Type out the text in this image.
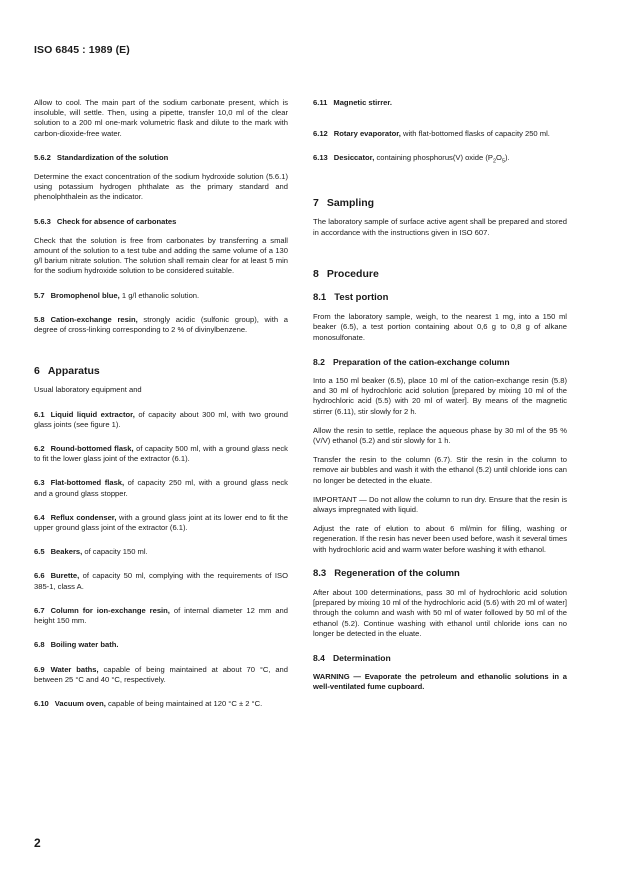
ISO 6845 : 1989 (E)

Allow to cool. The main part of the sodium carbonate present, which is insoluble, will settle. Then, using a pipette, transfer 10,0 ml of the clear solution to a 200 ml one-mark volumetric flask and dilute to the mark with carbon-dioxide-free water.

5.6.2 Standardization of the solution

Determine the exact concentration of the sodium hydroxide solution (5.6.1) using potassium hydrogen phthalate as the primary standard and phenolphthalein as the indicator.

5.6.3 Check for absence of carbonates

Check that the solution is free from carbonates by transferring a small amount of the solution to a test tube and adding the same volume of a 130 g/l barium nitrate solution. The solution shall remain clear for at least 5 min for the sodium hydroxide solution to be considered suitable.

5.7 Bromophenol blue, 1 g/l ethanolic solution.

5.8 Cation-exchange resin, strongly acidic (sulfonic group), with a degree of cross-linking corresponding to 2 % of divinylbenzene.

6 Apparatus

Usual laboratory equipment and

6.1 Liquid liquid extractor, of capacity about 300 ml, with two ground glass joints (see figure 1).

6.2 Round-bottomed flask, of capacity 500 ml, with a ground glass neck to fit the lower glass joint of the extractor (6.1).

6.3 Flat-bottomed flask, of capacity 250 ml, with a ground glass neck and a ground glass stopper.

6.4 Reflux condenser, with a ground glass joint at its lower end to fit the upper ground glass joint of the extractor (6.1).

6.5 Beakers, of capacity 150 ml.

6.6 Burette, of capacity 50 ml, complying with the requirements of ISO 385-1, class A.

6.7 Column for ion-exchange resin, of internal diameter 12 mm and height 150 mm.

6.8 Boiling water bath.

6.9 Water baths, capable of being maintained at about 70 °C, and between 25 °C and 40 °C, respectively.

6.10 Vacuum oven, capable of being maintained at 120 °C ± 2 °C.

6.11 Magnetic stirrer.

6.12 Rotary evaporator, with flat-bottomed flasks of capacity 250 ml.

6.13 Desiccator, containing phosphorus(V) oxide $(P_2O_5)$.

7 Sampling

The laboratory sample of surface active agent shall be prepared and stored in accordance with the instructions given in ISO 607.

8 Procedure
8.1 Test portion

From the laboratory sample, weigh, to the nearest 1 mg, into a 150 ml beaker (6.5), a test portion containing about 0,6 g to 0,8 g of alkane monosulfonate.

8.2 Preparation of the cation-exchange column

Into a 150 ml beaker (6.5), place 10 ml of the cation-exchange resin (5.8) and 30 ml of hydrochloric acid solution [prepared by mixing 10 ml of the hydrochloric acid (5.5) with 20 ml of water]. By means of the magnetic stirrer (6.11), stir slowly for 2 h.

Allow the resin to settle, replace the aqueous phase by 30 ml of the 95 % (V/V) ethanol (5.2) and stir slowly for 1 h.

Transfer the resin to the column (6.7). Stir the resin in the column to remove air bubbles and wash it with the ethanol (5.2) until chloride ions can no longer be detected in the eluate.

IMPORTANT — Do not allow the column to run dry. Ensure that the resin is always impregnated with liquid.

Adjust the rate of elution to about 6 ml/min for filling, washing or regeneration. If the resin has never been used before, wash it several times with hydrochloric acid and warm water before washing it with ethanol.

8.3 Regeneration of the column

After about 100 determinations, pass 30 ml of hydrochloric acid solution [prepared by mixing 10 ml of the hydrochloric acid (5.6) with 20 ml of water] through the column and wash with 50 ml of water followed by 50 ml of the ethanol (5.2). Continue washing with ethanol until chloride ions can no longer be detected in the eluate.

8.4 Determination

WARNING — Evaporate the petroleum and ethanolic solutions in a well-ventilated fume cupboard.

2
